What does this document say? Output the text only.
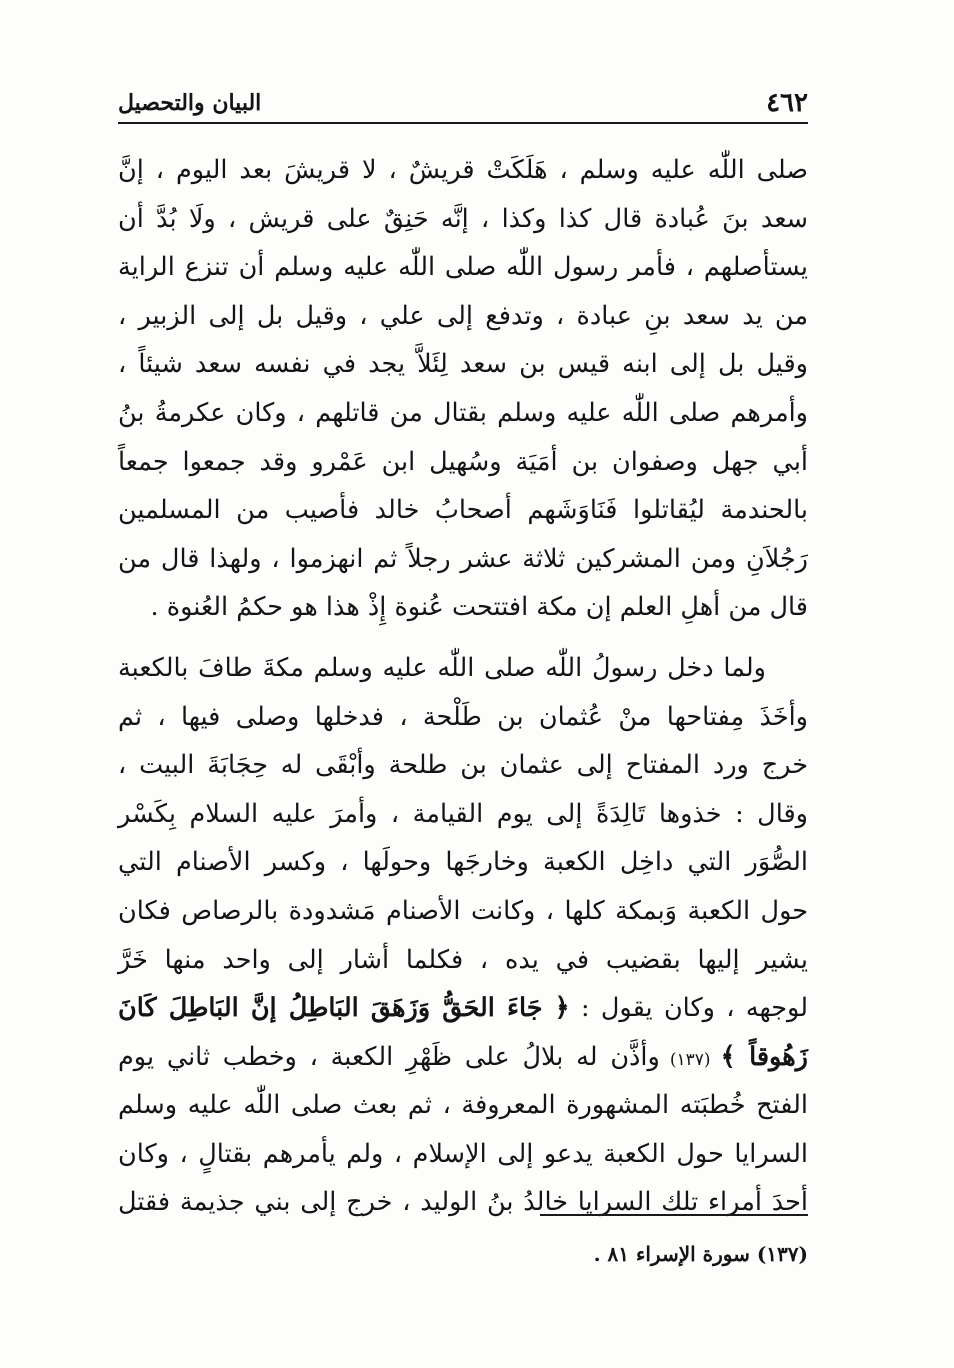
٤٦٢
البيان والتحصيل
صلى اللّٰه عليه وسلم ، هَلَكَتْ قريشٌ ، لا قريشَ بعد اليوم ، إنَّ
سعد بنَ عُبادة قال كذا وكذا ، إنَّه حَنِقٌ على قريش ، ولَا بُدَّ أن
يستأصلهم ، فأمر رسول اللّٰه صلى اللّٰه عليه وسلم أن تنزع الراية
من يد سعد بنِ عبادة ، وتدفع إلى علي ، وقيل بل إلى الزبير ،
وقيل بل إلى ابنه قيس بن سعد لِئَلاَّ يجد في نفسه سعد شيئاً ،
وأمرهم صلى اللّٰه عليه وسلم بقتال من قاتلهم ، وكان عكرمةُ بنُ
أبي جهل وصفوان بن أمَيَة وسُهيل ابن عَمْرو وقد جمعوا جمعاً
بالحندمة ليُقاتلوا فَنَاوَشَهم أصحابُ خالد فأصيب من المسلمين
رَجُلاَنِ ومن المشركين ثلاثة عشر رجلاً ثم انهزموا ، ولهذا قال من
قال من أهلِ العلم إن مكة افتتحت عُنوة إِذْ هذا هو حكمُ العُنوة .
ولما دخل رسولُ اللّٰه صلى اللّٰه عليه وسلم مكةَ طافَ بالكعبة
وأخَذَ مِفتاحها منْ عُثمان بن طَلْحة ، فدخلها وصلى فيها ، ثم
خرج ورد المفتاح إلى عثمان بن طلحة وأبْقَى له حِجَابَةَ البيت ،
وقال : خذوها تَالِدَةً إلى يوم القيامة ، وأمرَ عليه السلام بِكَسْر
الصُّوَر التي داخِل الكعبة وخارجَها وحولَها ، وكسر الأصنام التي
حول الكعبة وَبمكة كلها ، وكانت الأصنام مَشدودة بالرصاص فكان
يشير إليها بقضيب في يده ، فكلما أشار إلى واحد منها خَرَّ
لوجهه ، وكان يقول : ﴿ جَاءَ الحَقُّ وَزَهَقَ البَاطِلُ إنَّ البَاطِلَ كَانَ
زَهُوقاً ﴾ (١٣٧) وأذَّن له بلالُ على ظَهْرِ الكعبة ، وخطب ثاني يوم
الفتح خُطبَته المشهورة المعروفة ، ثم بعث صلى اللّٰه عليه وسلم
السرايا حول الكعبة يدعو إلى الإسلام ، ولم يأمرهم بقتالٍ ، وكان
أحدَ أمراء تلك السرايا خالدُ بنُ الوليد ، خرج إلى بني جذيمة فقتل
(١٣٧) سورة الإسراء ٨١ .
